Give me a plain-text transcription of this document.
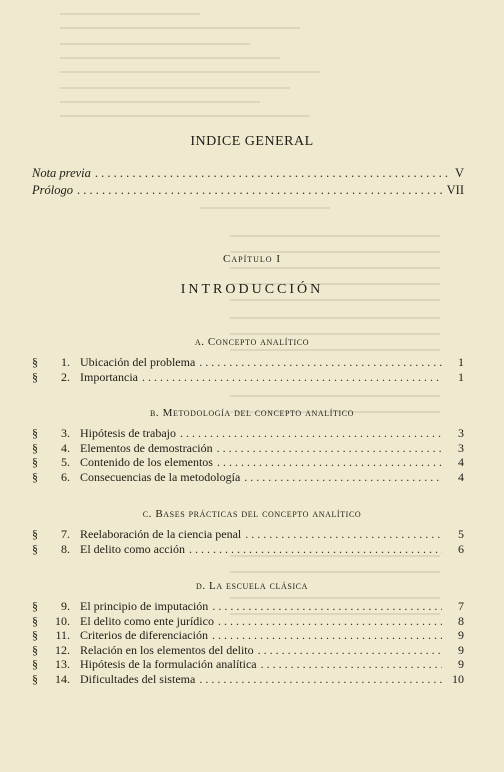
INDICE GENERAL
Nota previa . . .	V
Prólogo . . .	VII
Capítulo I
INTRODUCCIÓN
a. Concepto analítico
§	1. Ubicación del problema . . .	1
§	2. Importancia . . .	1
b. Metodología del concepto analítico
§	3. Hipótesis de trabajo . . .	3
§	4. Elementos de demostración . . .	3
§	5. Contenido de los elementos . . .	4
§	6. Consecuencias de la metodología . . .	4
c. Bases prácticas del concepto analítico
§	7. Reelaboración de la ciencia penal . . .	5
§	8. El delito como acción . . .	6
d. La escuela clásica
§	9. El principio de imputación . . .	7
§	10. El delito como ente jurídico . . .	8
§	11. Criterios de diferenciación . . .	9
§	12. Relación en los elementos del delito . . .	9
§	13. Hipótesis de la formulación analítica . . .	9
§	14. Dificultades del sistema . . .	10
